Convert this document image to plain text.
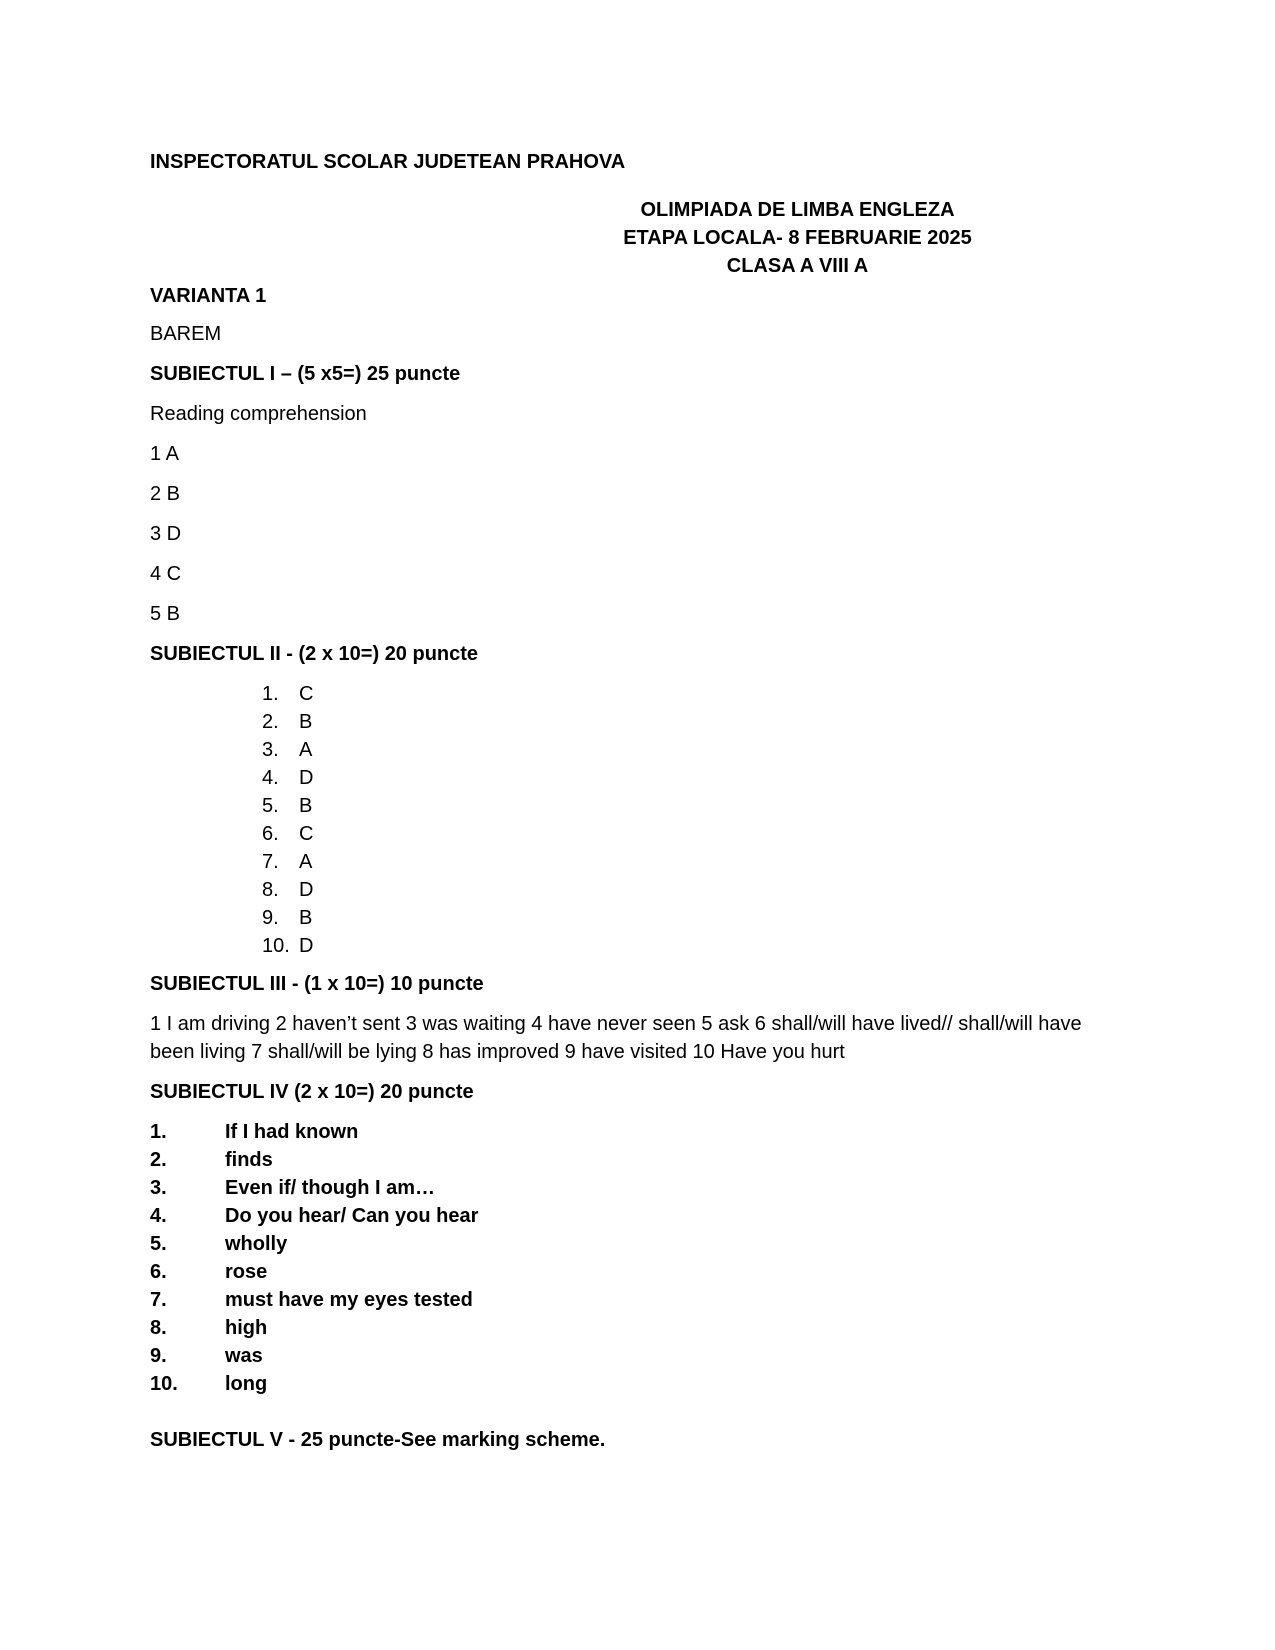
INSPECTORATUL SCOLAR JUDETEAN PRAHOVA
OLIMPIADA DE LIMBA ENGLEZA
ETAPA LOCALA- 8 FEBRUARIE 2025
CLASA A VIII A
VARIANTA 1
BAREM
SUBIECTUL I – (5 x5=) 25 puncte
Reading comprehension
1 A
2 B
3 D
4 C
5 B
SUBIECTUL II - (2 x 10=) 20 puncte
1. C
2. B
3. A
4. D
5. B
6. C
7. A
8. D
9. B
10. D
SUBIECTUL III - (1 x 10=) 10 puncte
1 I am driving 2 haven’t sent 3 was waiting 4 have never seen 5 ask 6 shall/will have lived// shall/will have been living 7 shall/will be lying 8 has improved 9 have visited 10 Have you hurt
SUBIECTUL IV (2 x 10=) 20 puncte
1.	If I had known
2.	finds
3.	Even if/ though I am…
4.	Do you hear/ Can you hear
5.	wholly
6.	rose
7.	must have my eyes tested
8.	high
9.	was
10. long
SUBIECTUL V - 25 puncte-See marking scheme.
